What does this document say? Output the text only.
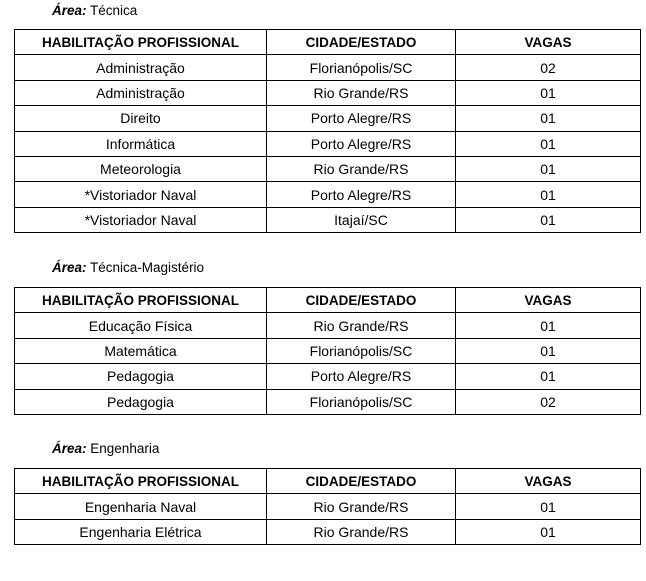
Área: Técnica
HABILITAÇÃO PROFISSIONAL	CIDADE/ESTADO	VAGAS
Administração	Florianópolis/SC	02
Administração	Rio Grande/RS	01
Direito	Porto Alegre/RS	01
Informática	Porto Alegre/RS	01
Meteorologia	Rio Grande/RS	01
*Vistoriador Naval	Porto Alegre/RS	01
*Vistoriador Naval	Itajaí/SC	01
Área: Técnica-Magistério
HABILITAÇÃO PROFISSIONAL	CIDADE/ESTADO	VAGAS
Educação Física	Rio Grande/RS	01
Matemática	Florianópolis/SC	01
Pedagogia	Porto Alegre/RS	01
Pedagogia	Florianópolis/SC	02
Área: Engenharia
HABILITAÇÃO PROFISSIONAL	CIDADE/ESTADO	VAGAS
Engenharia Naval	Rio Grande/RS	01
Engenharia Elétrica	Rio Grande/RS	01
